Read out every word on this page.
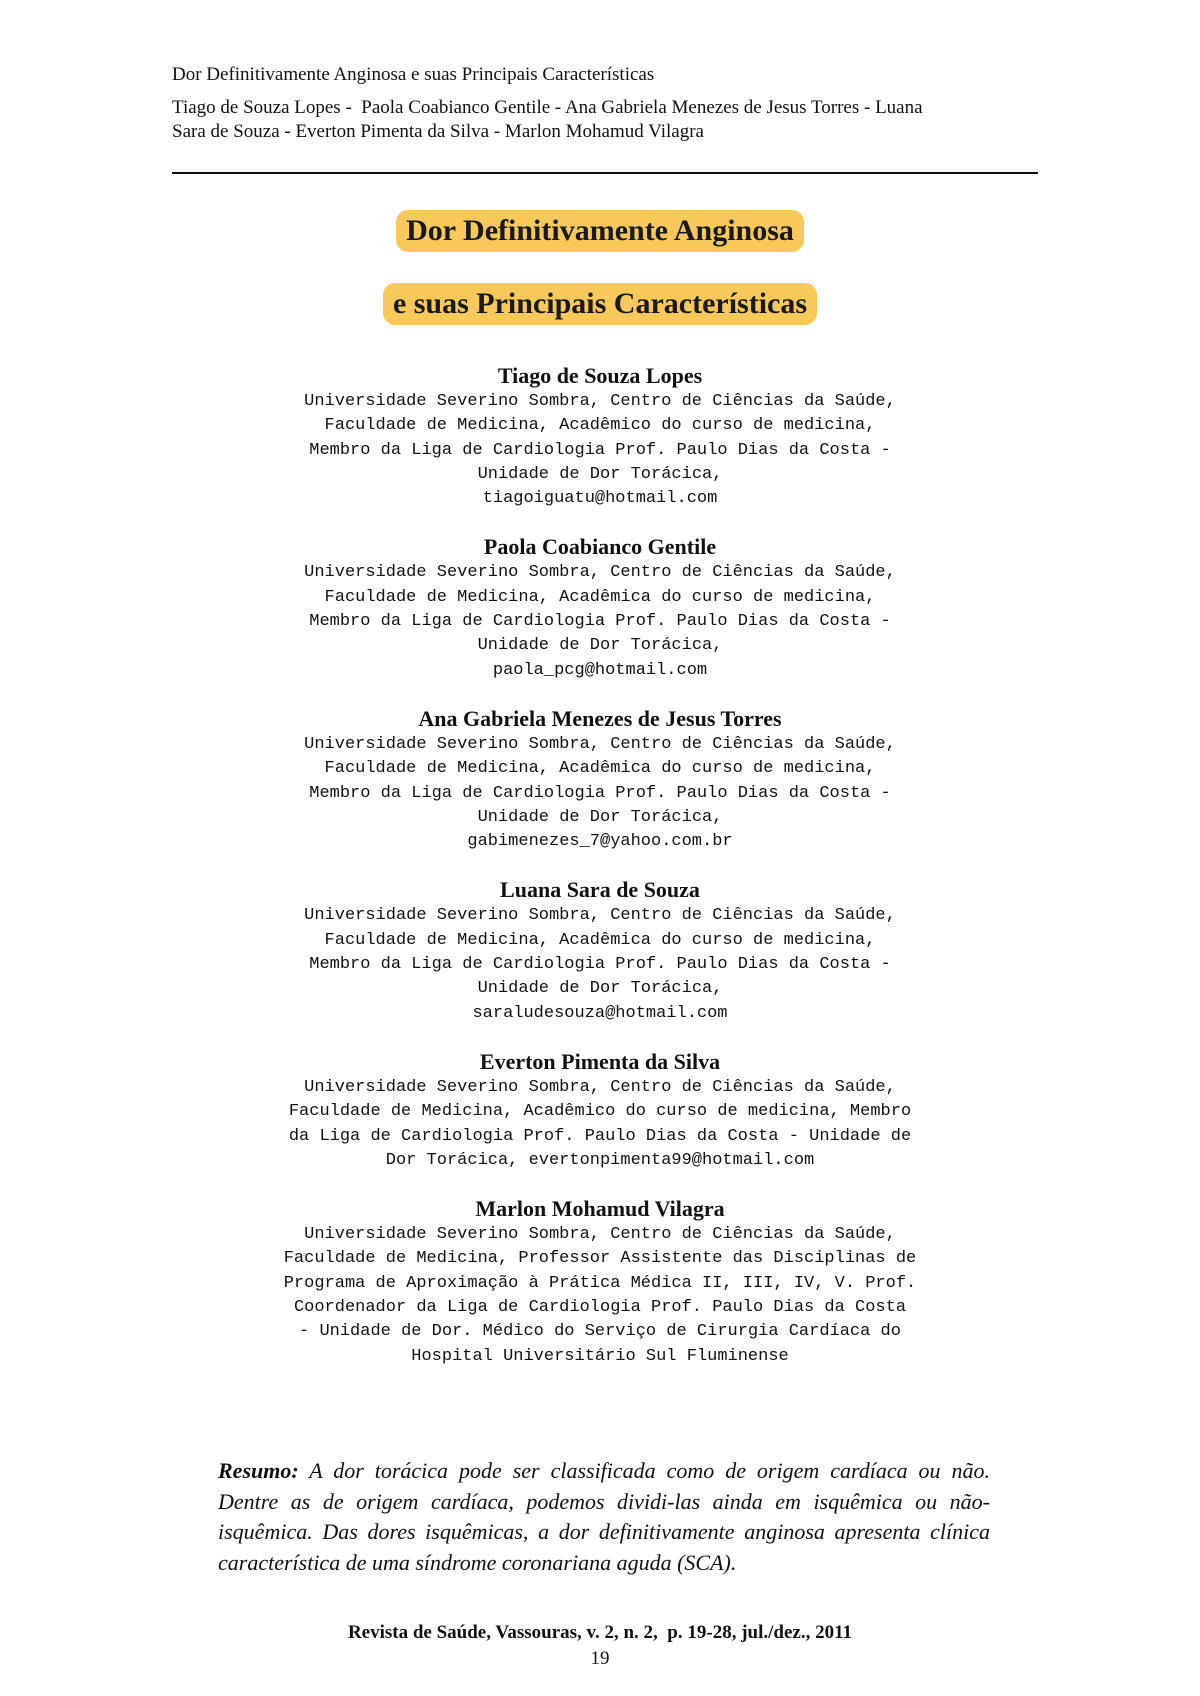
Dor Definitivamente Anginosa e suas Principais Características
Tiago de Souza Lopes -  Paola Coabianco Gentile - Ana Gabriela Menezes de Jesus Torres - Luana
Sara de Souza - Everton Pimenta da Silva - Marlon Mohamud Vilagra
Dor Definitivamente Anginosa
e suas Principais Características
Tiago de Souza Lopes
Universidade Severino Sombra, Centro de Ciências da Saúde,
Faculdade de Medicina, Acadêmico do curso de medicina,
Membro da Liga de Cardiologia Prof. Paulo Dias da Costa -
Unidade de Dor Torácica,
tiagoiguatu@hotmail.com
Paola Coabianco Gentile
Universidade Severino Sombra, Centro de Ciências da Saúde,
Faculdade de Medicina, Acadêmica do curso de medicina,
Membro da Liga de Cardiologia Prof. Paulo Dias da Costa -
Unidade de Dor Torácica,
paola_pcg@hotmail.com
Ana Gabriela Menezes de Jesus Torres
Universidade Severino Sombra, Centro de Ciências da Saúde,
Faculdade de Medicina, Acadêmica do curso de medicina,
Membro da Liga de Cardiologia Prof. Paulo Dias da Costa -
Unidade de Dor Torácica,
gabimenezes_7@yahoo.com.br
Luana Sara de Souza
Universidade Severino Sombra, Centro de Ciências da Saúde,
Faculdade de Medicina, Acadêmica do curso de medicina,
Membro da Liga de Cardiologia Prof. Paulo Dias da Costa -
Unidade de Dor Torácica,
saraludesouza@hotmail.com
Everton Pimenta da Silva
Universidade Severino Sombra, Centro de Ciências da Saúde,
Faculdade de Medicina, Acadêmico do curso de medicina, Membro
da Liga de Cardiologia Prof. Paulo Dias da Costa - Unidade de
Dor Torácica, evertonpimenta99@hotmail.com
Marlon Mohamud Vilagra
Universidade Severino Sombra, Centro de Ciências da Saúde,
Faculdade de Medicina, Professor Assistente das Disciplinas de
Programa de Aproximação à Prática Médica II, III, IV, V. Prof.
Coordenador da Liga de Cardiologia Prof. Paulo Dias da Costa
- Unidade de Dor. Médico do Serviço de Cirurgia Cardíaca do
Hospital Universitário Sul Fluminense
Resumo: A dor torácica pode ser classificada como de origem cardíaca ou não. Dentre as de origem cardíaca, podemos dividi-las ainda em isquêmica ou não-isquêmica. Das dores isquêmicas, a dor definitivamente anginosa apresenta clínica característica de uma síndrome coronariana aguda (SCA).
Revista de Saúde, Vassouras, v. 2, n. 2,  p. 19-28, jul./dez., 2011
19
